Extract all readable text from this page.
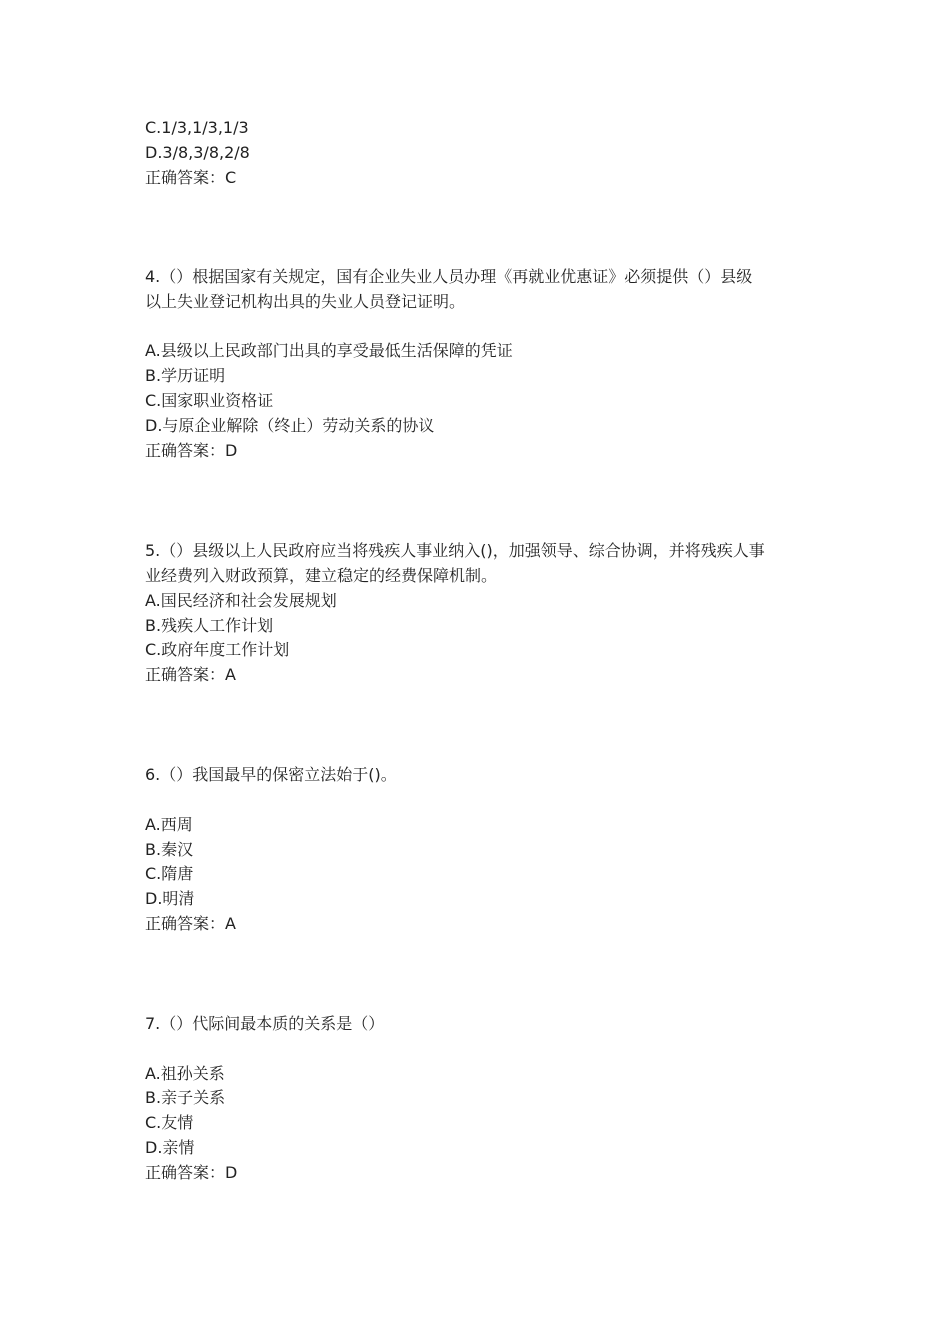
C.1/3,1/3,1/3
D.3/8,3/8,2/8
正确答案：C
4.（）根据国家有关规定，国有企业失业人员办理《再就业优惠证》必须提供（）县级
以上失业登记机构出具的失业人员登记证明。
A.县级以上民政部门出具的享受最低生活保障的凭证
B.学历证明
C.国家职业资格证
D.与原企业解除（终止）劳动关系的协议
正确答案：D
5.（）县级以上人民政府应当将残疾人事业纳入()，加强领导、综合协调，并将残疾人事
业经费列入财政预算，建立稳定的经费保障机制。
A.国民经济和社会发展规划
B.残疾人工作计划
C.政府年度工作计划
正确答案：A
6.（）我国最早的保密立法始于()。
A.西周
B.秦汉
C.隋唐
D.明清
正确答案：A
7.（）代际间最本质的关系是（）
A.祖孙关系
B.亲子关系
C.友情
D.亲情
正确答案：D
